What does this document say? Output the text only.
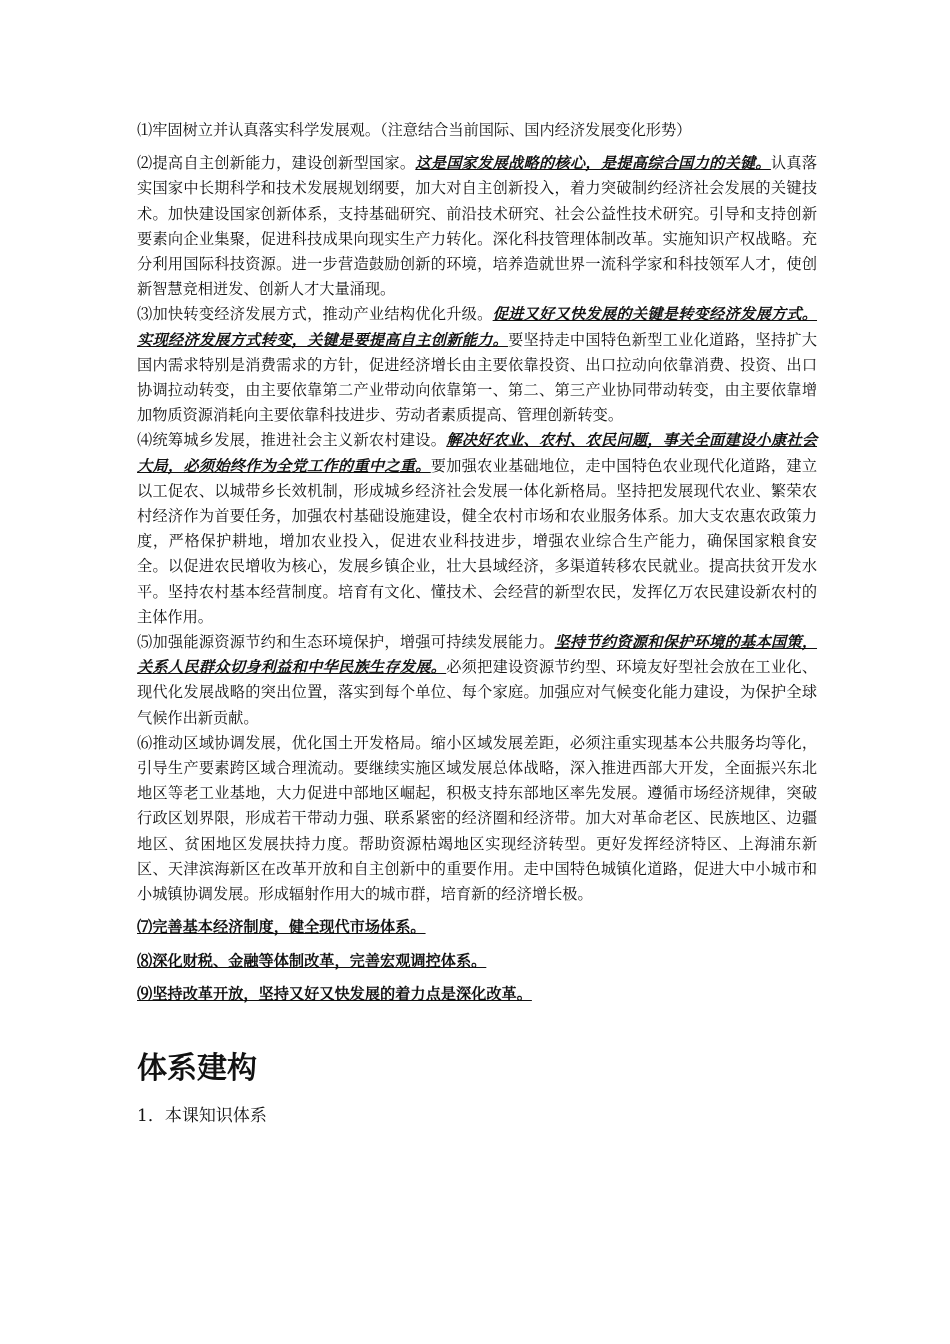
⑴牢固树立并认真落实科学发展观。（注意结合当前国际、国内经济发展变化形势）

⑵提高自主创新能力，建设创新型国家。这是国家发展战略的核心，是提高综合国力的关键。认真落实国家中长期科学和技术发展规划纲要，加大对自主创新投入，着力突破制约经济社会发展的关键技术。加快建设国家创新体系，支持基础研究、前沿技术研究、社会公益性技术研究。引导和支持创新要素向企业集聚，促进科技成果向现实生产力转化。深化科技管理体制改革。实施知识产权战略。充分利用国际科技资源。进一步营造鼓励创新的环境，培养造就世界一流科学家和科技领军人才，使创新智慧竞相迸发、创新人才大量涌现。

⑶加快转变经济发展方式，推动产业结构优化升级。促进又好又快发展的关键是转变经济发展方式。实现经济发展方式转变，关键是要提高自主创新能力。要坚持走中国特色新型工业化道路，坚持扩大国内需求特别是消费需求的方针，促进经济增长由主要依靠投资、出口拉动向依靠消费、投资、出口协调拉动转变，由主要依靠第二产业带动向依靠第一、第二、第三产业协同带动转变，由主要依靠增加物质资源消耗向主要依靠科技进步、劳动者素质提高、管理创新转变。

⑷统筹城乡发展，推进社会主义新农村建设。解决好农业、农村、农民问题，事关全面建设小康社会大局，必须始终作为全党工作的重中之重。要加强农业基础地位，走中国特色农业现代化道路，建立以工促农、以城带乡长效机制，形成城乡经济社会发展一体化新格局。坚持把发展现代农业、繁荣农村经济作为首要任务，加强农村基础设施建设，健全农村市场和农业服务体系。加大支农惠农政策力度，严格保护耕地，增加农业投入，促进农业科技进步，增强农业综合生产能力，确保国家粮食安全。以促进农民增收为核心，发展乡镇企业，壮大县域经济，多渠道转移农民就业。提高扶贫开发水平。坚持农村基本经营制度。培育有文化、懂技术、会经营的新型农民，发挥亿万农民建设新农村的主体作用。

⑸加强能源资源节约和生态环境保护，增强可持续发展能力。坚持节约资源和保护环境的基本国策，关系人民群众切身利益和中华民族生存发展。必须把建设资源节约型、环境友好型社会放在工业化、现代化发展战略的突出位置，落实到每个单位、每个家庭。加强应对气候变化能力建设，为保护全球气候作出新贡献。

⑹推动区域协调发展，优化国土开发格局。缩小区域发展差距，必须注重实现基本公共服务均等化，引导生产要素跨区域合理流动。要继续实施区域发展总体战略，深入推进西部大开发，全面振兴东北地区等老工业基地，大力促进中部地区崛起，积极支持东部地区率先发展。遵循市场经济规律，突破行政区划界限，形成若干带动力强、联系紧密的经济圈和经济带。加大对革命老区、民族地区、边疆地区、贫困地区发展扶持力度。帮助资源枯竭地区实现经济转型。更好发挥经济特区、上海浦东新区、天津滨海新区在改革开放和自主创新中的重要作用。走中国特色城镇化道路，促进大中小城市和小城镇协调发展。形成辐射作用大的城市群，培育新的经济增长极。

⑺完善基本经济制度，健全现代市场体系。

⑻深化财税、金融等体制改革，完善宏观调控体系。

⑼坚持改革开放，坚持又好又快发展的着力点是深化改革。

体系建构
1．本课知识体系
